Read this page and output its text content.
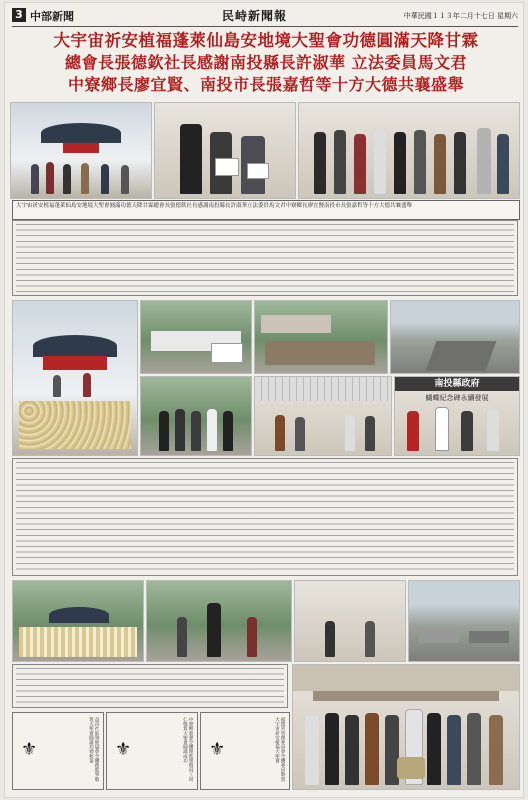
3 中部新聞	民峙新聞報	中華民國１１３年二月十七日 星期六
大宇宙祈安植福蓬萊仙島安地境大聖會功德圓滿天降甘霖
總會長張德欽社長感謝南投縣長許淑華 立法委員馬文君
中寮鄉長廖宜賢、南投市長張嘉哲等十方大德共襄盛舉
大宇宙祈安植福蓬萊仙島安地境大聖會圓滿功德天降甘霖總會長張德欽社長感謝南投縣長許淑華立法委員馬文君中寮鄉長廖宜賢南投市長張嘉哲等十方大德共襄盛舉
南投縣政府
蝴蝶紀念碑永續發展
益昌社區發展協會全體理監事敬賀大聖會圓滿功德無量
⚜	中寮鄉農會全體理監事暨員工同仁敬賀大聖會圓滿成功
⚜	福德宮管理委員會全體委員敬賀大宇宙祈安植福大聖會
⚜
